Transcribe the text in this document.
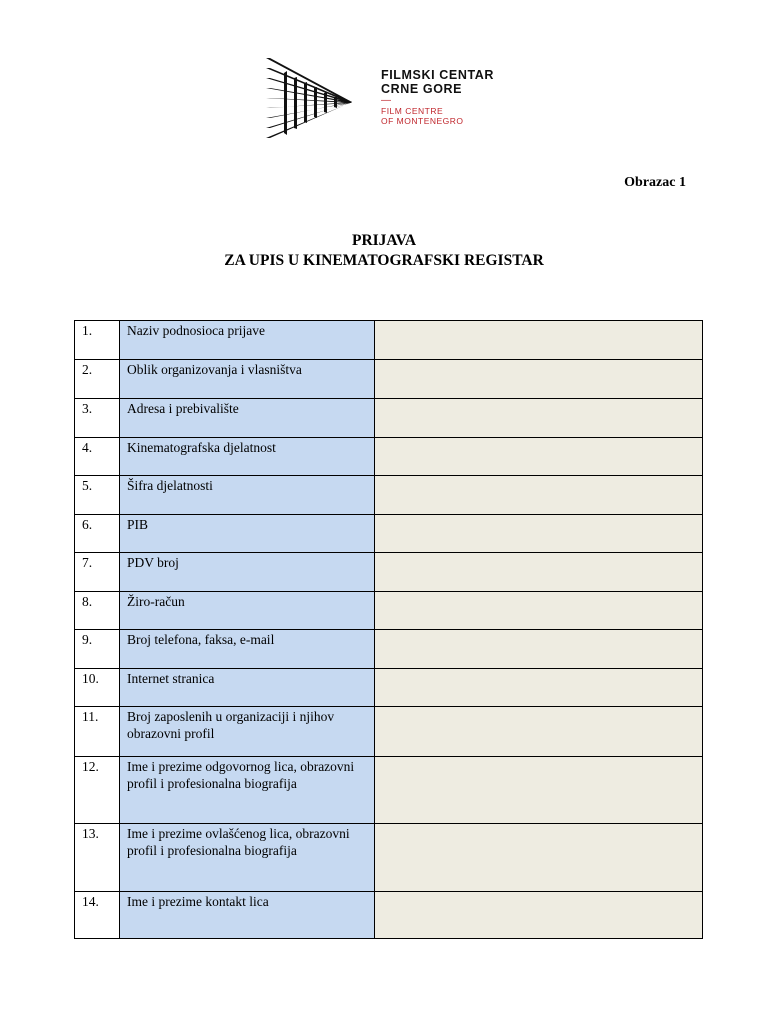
FILMSKI CENTAR
CRNE GORE
—
FILM CENTRE
OF MONTENEGRO
Obrazac 1
PRIJAVA
ZA UPIS U KINEMATOGRAFSKI REGISTAR
1.	Naziv podnosioca prijave	
2.	Oblik organizovanja i vlasništva	
3.	Adresa i prebivalište	
4.	Kinematografska djelatnost	
5.	Šifra djelatnosti	
6.	PIB	
7.	PDV broj	
8.	Žiro-račun	
9.	Broj telefona, faksa, e-mail	
10.	Internet stranica	
11.	Broj zaposlenih u organizaciji i njihov obrazovni profil	
12.	Ime i prezime odgovornog lica, obrazovni profil i profesionalna biografija	
13.	Ime i prezime ovlašćenog lica, obrazovni profil i profesionalna biografija	
14.	Ime i prezime kontakt lica	
